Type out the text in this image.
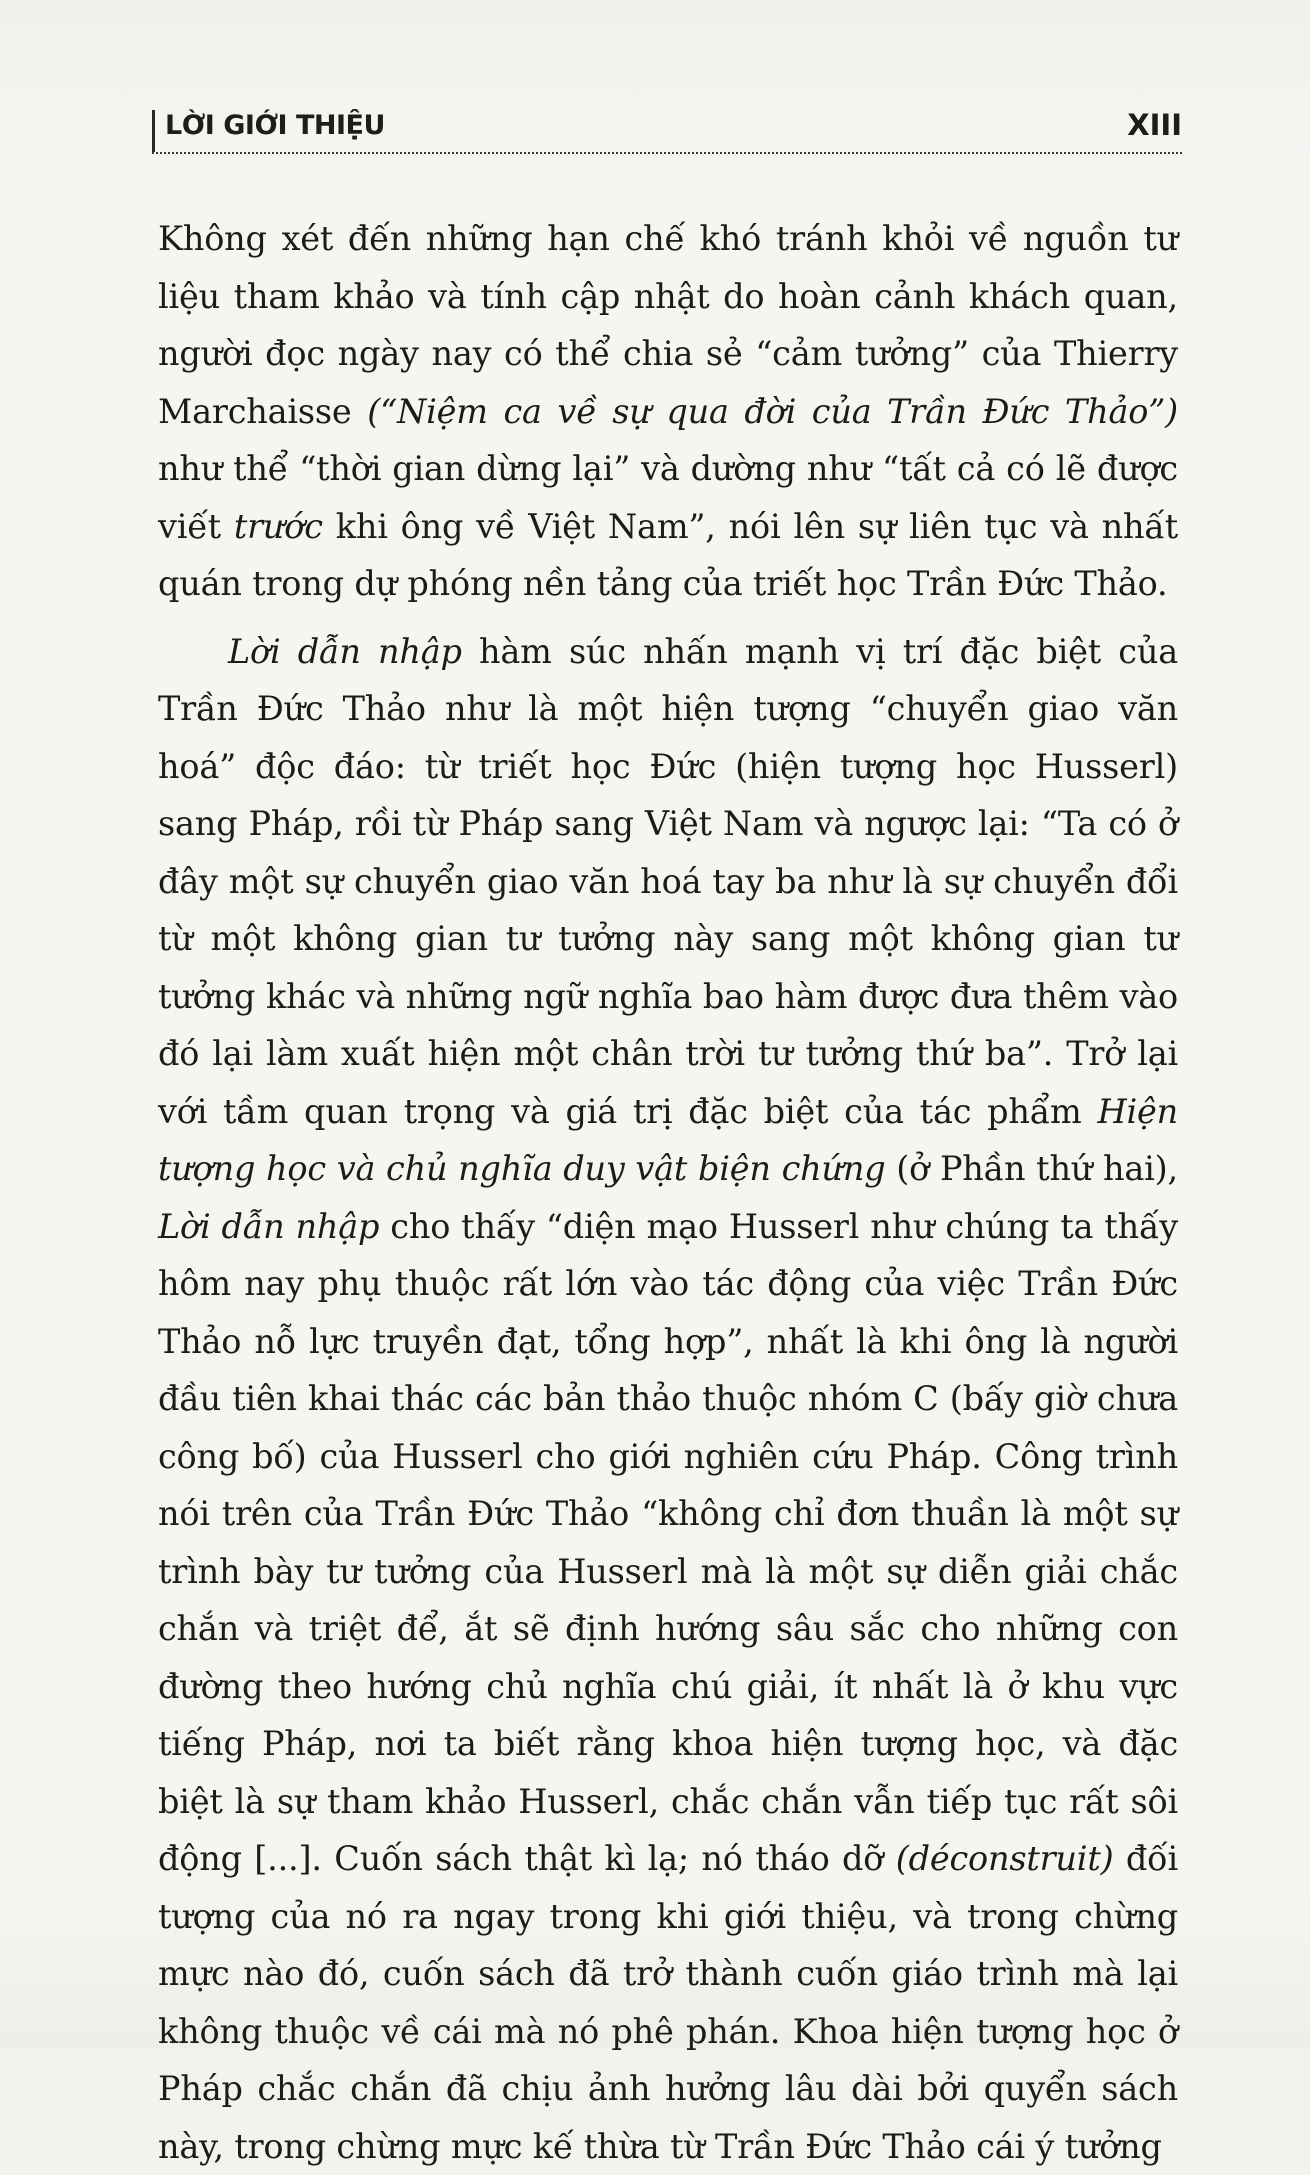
LỜI GIỚI THIỆU	XIII

Không xét đến những hạn chế khó tránh khỏi về nguồn tư liệu tham khảo và tính cập nhật do hoàn cảnh khách quan, người đọc ngày nay có thể chia sẻ “cảm tưởng” của Thierry Marchaisse (“Niệm ca về sự qua đời của Trần Đức Thảo”) như thể “thời gian dừng lại” và dường như “tất cả có lẽ được viết trước khi ông về Việt Nam”, nói lên sự liên tục và nhất quán trong dự phóng nền tảng của triết học Trần Đức Thảo.

Lời dẫn nhập hàm súc nhấn mạnh vị trí đặc biệt của Trần Đức Thảo như là một hiện tượng “chuyển giao văn hoá” độc đáo: từ triết học Đức (hiện tượng học Husserl) sang Pháp, rồi từ Pháp sang Việt Nam và ngược lại: “Ta có ở đây một sự chuyển giao văn hoá tay ba như là sự chuyển đổi từ một không gian tư tưởng này sang một không gian tư tưởng khác và những ngữ nghĩa bao hàm được đưa thêm vào đó lại làm xuất hiện một chân trời tư tưởng thứ ba”. Trở lại với tầm quan trọng và giá trị đặc biệt của tác phẩm Hiện tượng học và chủ nghĩa duy vật biện chứng (ở Phần thứ hai), Lời dẫn nhập cho thấy “diện mạo Husserl như chúng ta thấy hôm nay phụ thuộc rất lớn vào tác động của việc Trần Đức Thảo nỗ lực truyền đạt, tổng hợp”, nhất là khi ông là người đầu tiên khai thác các bản thảo thuộc nhóm C (bấy giờ chưa công bố) của Husserl cho giới nghiên cứu Pháp. Công trình nói trên của Trần Đức Thảo “không chỉ đơn thuần là một sự trình bày tư tưởng của Husserl mà là một sự diễn giải chắc chắn và triệt để, ắt sẽ định hướng sâu sắc cho những con đường theo hướng chủ nghĩa chú giải, ít nhất là ở khu vực tiếng Pháp, nơi ta biết rằng khoa hiện tượng học, và đặc biệt là sự tham khảo Husserl, chắc chắn vẫn tiếp tục rất sôi động [...]. Cuốn sách thật kì lạ; nó tháo dỡ (déconstruit) đối tượng của nó ra ngay trong khi giới thiệu, và trong chừng mực nào đó, cuốn sách đã trở thành cuốn giáo trình mà lại không thuộc về cái mà nó phê phán. Khoa hiện tượng học ở Pháp chắc chắn đã chịu ảnh hưởng lâu dài bởi quyển sách này, trong chừng mực kế thừa từ Trần Đức Thảo cái ý tưởng
